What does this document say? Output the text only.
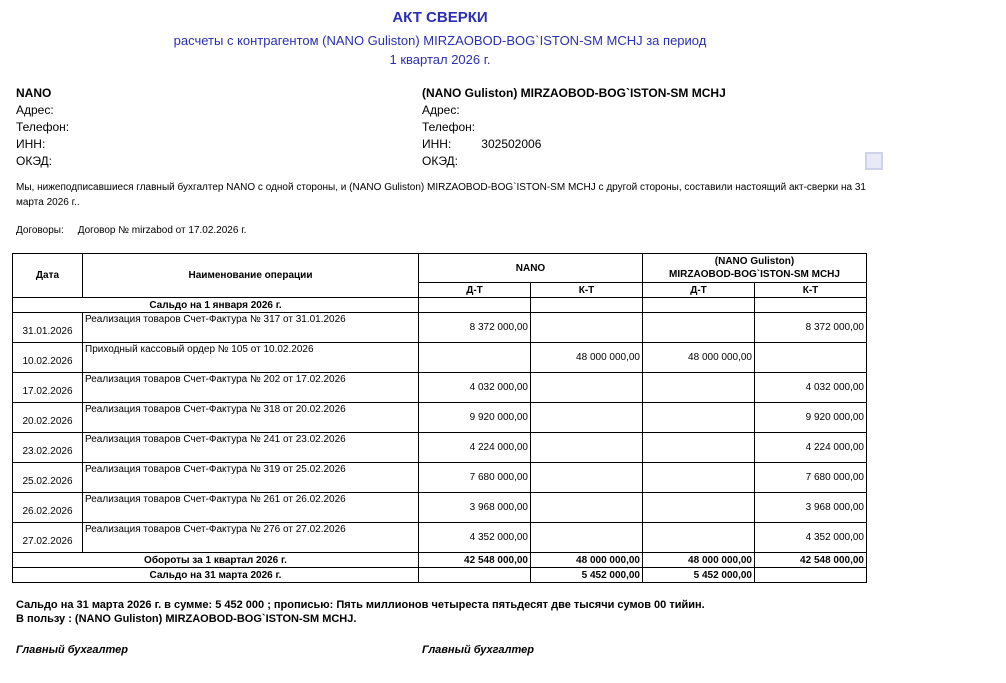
АКТ СВЕРКИ
расчеты с контрагентом (NANO Guliston) MIRZAOBOD-BOG`ISTON-SM MCHJ за период
1 квартал 2026 г.
NANO
Адрес:
Телефон:
ИНН:
ОКЭД:
(NANO Guliston) MIRZAOBOD-BOG`ISTON-SM MCHJ
Адрес:
Телефон:
ИНН:	302502006
ОКЭД:
Мы, нижеподписавшиеся главный бухгалтер NANO с одной стороны, и (NANO Guliston) MIRZAOBOD-BOG`ISTON-SM MCHJ с другой стороны, составили настоящий акт-сверки на 31 марта 2026 г..
Договоры: Договор № mirzabod от 17.02.2026 г.
Дата	Наименование операции	NANO		(NANO Guliston)
MIRZAOBOD-BOG`ISTON-SM MCHJ	

		Д-Т	К-Т	Д-Т	К-Т
Сальдо на 1 января 2026 г.					
31.01.2026	Реализация товаров Счет-Фактура № 317 от 31.01.2026	8 372 000,00			8 372 000,00
10.02.2026	Приходный кассовый ордер № 105 от 10.02.2026		48 000 000,00	48 000 000,00	
17.02.2026	Реализация товаров Счет-Фактура № 202 от 17.02.2026	4 032 000,00			4 032 000,00
20.02.2026	Реализация товаров Счет-Фактура № 318 от 20.02.2026	9 920 000,00			9 920 000,00
23.02.2026	Реализация товаров Счет-Фактура № 241 от 23.02.2026	4 224 000,00			4 224 000,00
25.02.2026	Реализация товаров Счет-Фактура № 319 от 25.02.2026	7 680 000,00			7 680 000,00
26.02.2026	Реализация товаров Счет-Фактура № 261 от 26.02.2026	3 968 000,00			3 968 000,00
27.02.2026	Реализация товаров Счет-Фактура № 276 от 27.02.2026	4 352 000,00			4 352 000,00
Обороты за 1 квартал 2026 г.		42 548 000,00	48 000 000,00	48 000 000,00	42 548 000,00
Сальдо на 31 марта 2026 г.			5 452 000,00	5 452 000,00	
Сальдо на 31 марта 2026 г. в сумме: 5 452 000 ; прописью: Пять миллионов четыреста пятьдесят две тысячи сумов 00 тийин.
В пользу : (NANO Guliston) MIRZAOBOD-BOG`ISTON-SM MCHJ.
Главный бухгалтер	Главный бухгалтер
